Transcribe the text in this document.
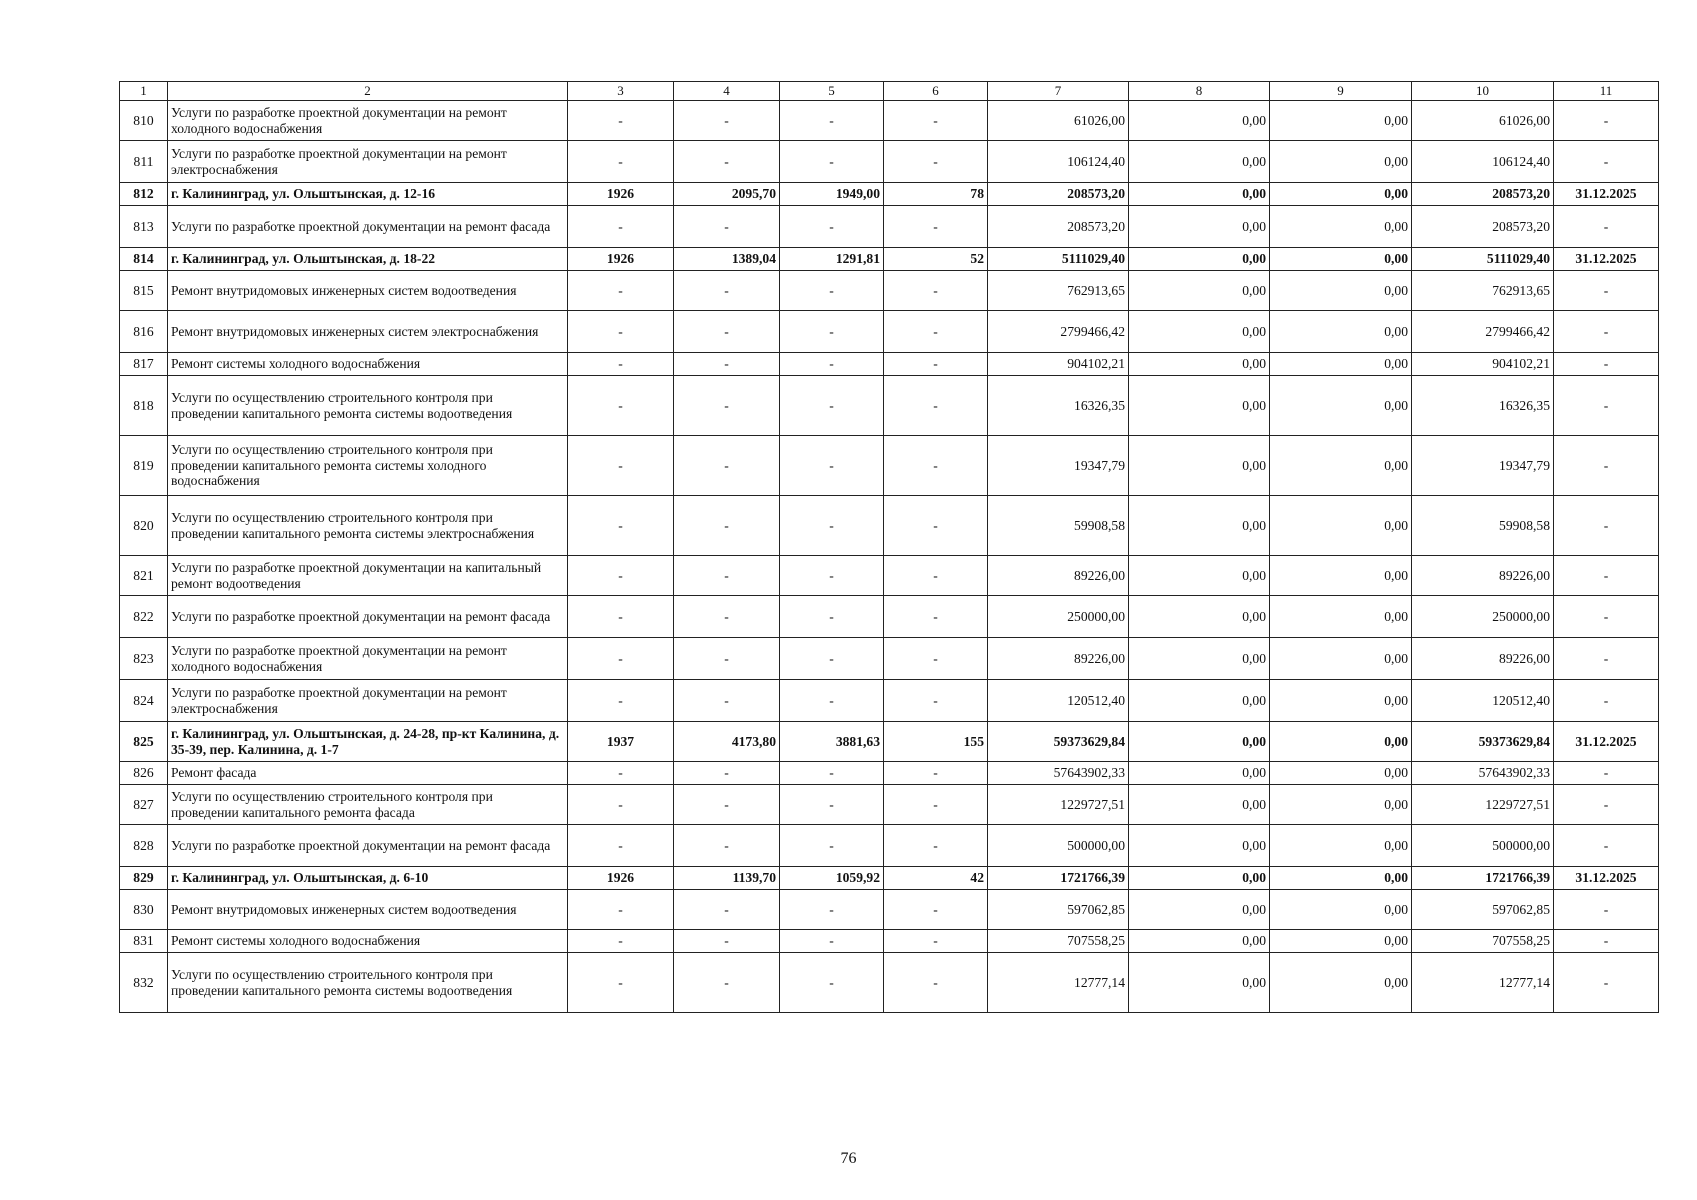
1	2	3	4	5	6	7	8	9	10	11
810	Услуги по разработке проектной документации на ремонт холодного водоснабжения	-	-	-	-	61026,00	0,00	0,00	61026,00	-
811	Услуги по разработке проектной документации на ремонт электроснабжения	-	-	-	-	106124,40	0,00	0,00	106124,40	-
812	г. Калининград, ул. Ольштынская, д. 12-16	1926	2095,70	1949,00	78	208573,20	0,00	0,00	208573,20	31.12.2025
813	Услуги по разработке проектной документации на ремонт фасада	-	-	-	-	208573,20	0,00	0,00	208573,20	-
814	г. Калининград, ул. Ольштынская, д. 18-22	1926	1389,04	1291,81	52	5111029,40	0,00	0,00	5111029,40	31.12.2025
815	Ремонт внутридомовых инженерных систем водоотведения	-	-	-	-	762913,65	0,00	0,00	762913,65	-
816	Ремонт внутридомовых инженерных систем электроснабжения	-	-	-	-	2799466,42	0,00	0,00	2799466,42	-
817	Ремонт системы холодного водоснабжения	-	-	-	-	904102,21	0,00	0,00	904102,21	-
818	Услуги по осуществлению строительного контроля при проведении капитального ремонта системы водоотведения	-	-	-	-	16326,35	0,00	0,00	16326,35	-
819	Услуги по осуществлению строительного контроля при проведении капитального ремонта системы холодного водоснабжения	-	-	-	-	19347,79	0,00	0,00	19347,79	-
820	Услуги по осуществлению строительного контроля при проведении капитального ремонта системы электроснабжения	-	-	-	-	59908,58	0,00	0,00	59908,58	-
821	Услуги по разработке проектной документации на капитальный ремонт водоотведения	-	-	-	-	89226,00	0,00	0,00	89226,00	-
822	Услуги по разработке проектной документации на ремонт фасада	-	-	-	-	250000,00	0,00	0,00	250000,00	-
823	Услуги по разработке проектной документации на ремонт холодного водоснабжения	-	-	-	-	89226,00	0,00	0,00	89226,00	-
824	Услуги по разработке проектной документации на ремонт электроснабжения	-	-	-	-	120512,40	0,00	0,00	120512,40	-
825	г. Калининград, ул. Ольштынская, д. 24-28, пр-кт Калинина, д. 35-39, пер. Калинина, д. 1-7	1937	4173,80	3881,63	155	59373629,84	0,00	0,00	59373629,84	31.12.2025
826	Ремонт фасада	-	-	-	-	57643902,33	0,00	0,00	57643902,33	-
827	Услуги по осуществлению строительного контроля при проведении капитального ремонта фасада	-	-	-	-	1229727,51	0,00	0,00	1229727,51	-
828	Услуги по разработке проектной документации на ремонт фасада	-	-	-	-	500000,00	0,00	0,00	500000,00	-
829	г. Калининград, ул. Ольштынская, д. 6-10	1926	1139,70	1059,92	42	1721766,39	0,00	0,00	1721766,39	31.12.2025
830	Ремонт внутридомовых инженерных систем водоотведения	-	-	-	-	597062,85	0,00	0,00	597062,85	-
831	Ремонт системы холодного водоснабжения	-	-	-	-	707558,25	0,00	0,00	707558,25	-
832	Услуги по осуществлению строительного контроля при проведении капитального ремонта системы водоотведения	-	-	-	-	12777,14	0,00	0,00	12777,14	-
76
